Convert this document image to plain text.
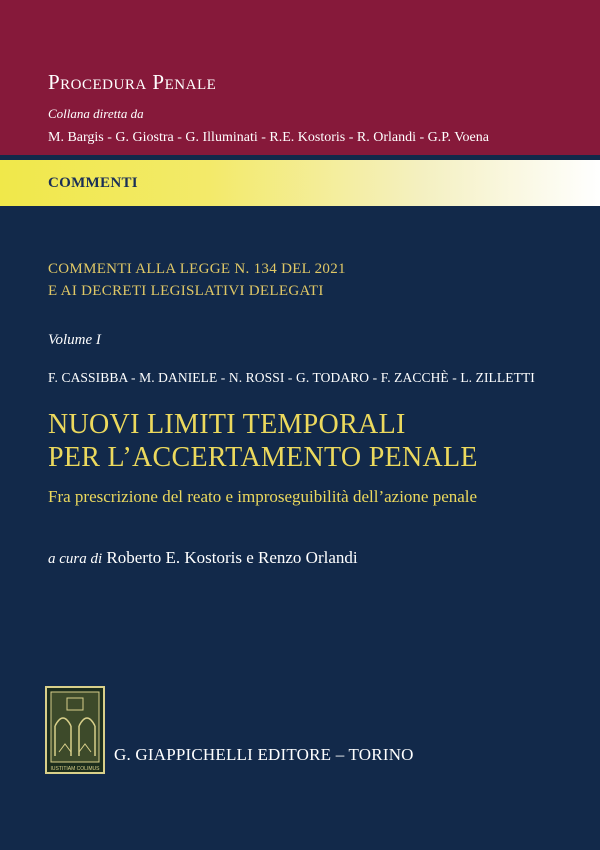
Procedura Penale
Collana diretta da
M. Bargis - G. Giostra - G. Illuminati - R.E. Kostoris - R. Orlandi - G.P. Voena
COMMENTI
COMMENTI ALLA LEGGE N. 134 DEL 2021
E AI DECRETI LEGISLATIVI DELEGATI
Volume I
F. CASSIBBA - M. DANIELE - N. ROSSI - G. TODARO - F. ZACCHÈ - L. ZILLETTI
NUOVI LIMITI TEMPORALI
PER L’ACCERTAMENTO PENALE
Fra prescrizione del reato e improseguibilità dell’azione penale
a cura di Roberto E. Kostoris e Renzo Orlandi
IUSTITIAM COLIMUS
G. GIAPPICHELLI EDITORE – TORINO
